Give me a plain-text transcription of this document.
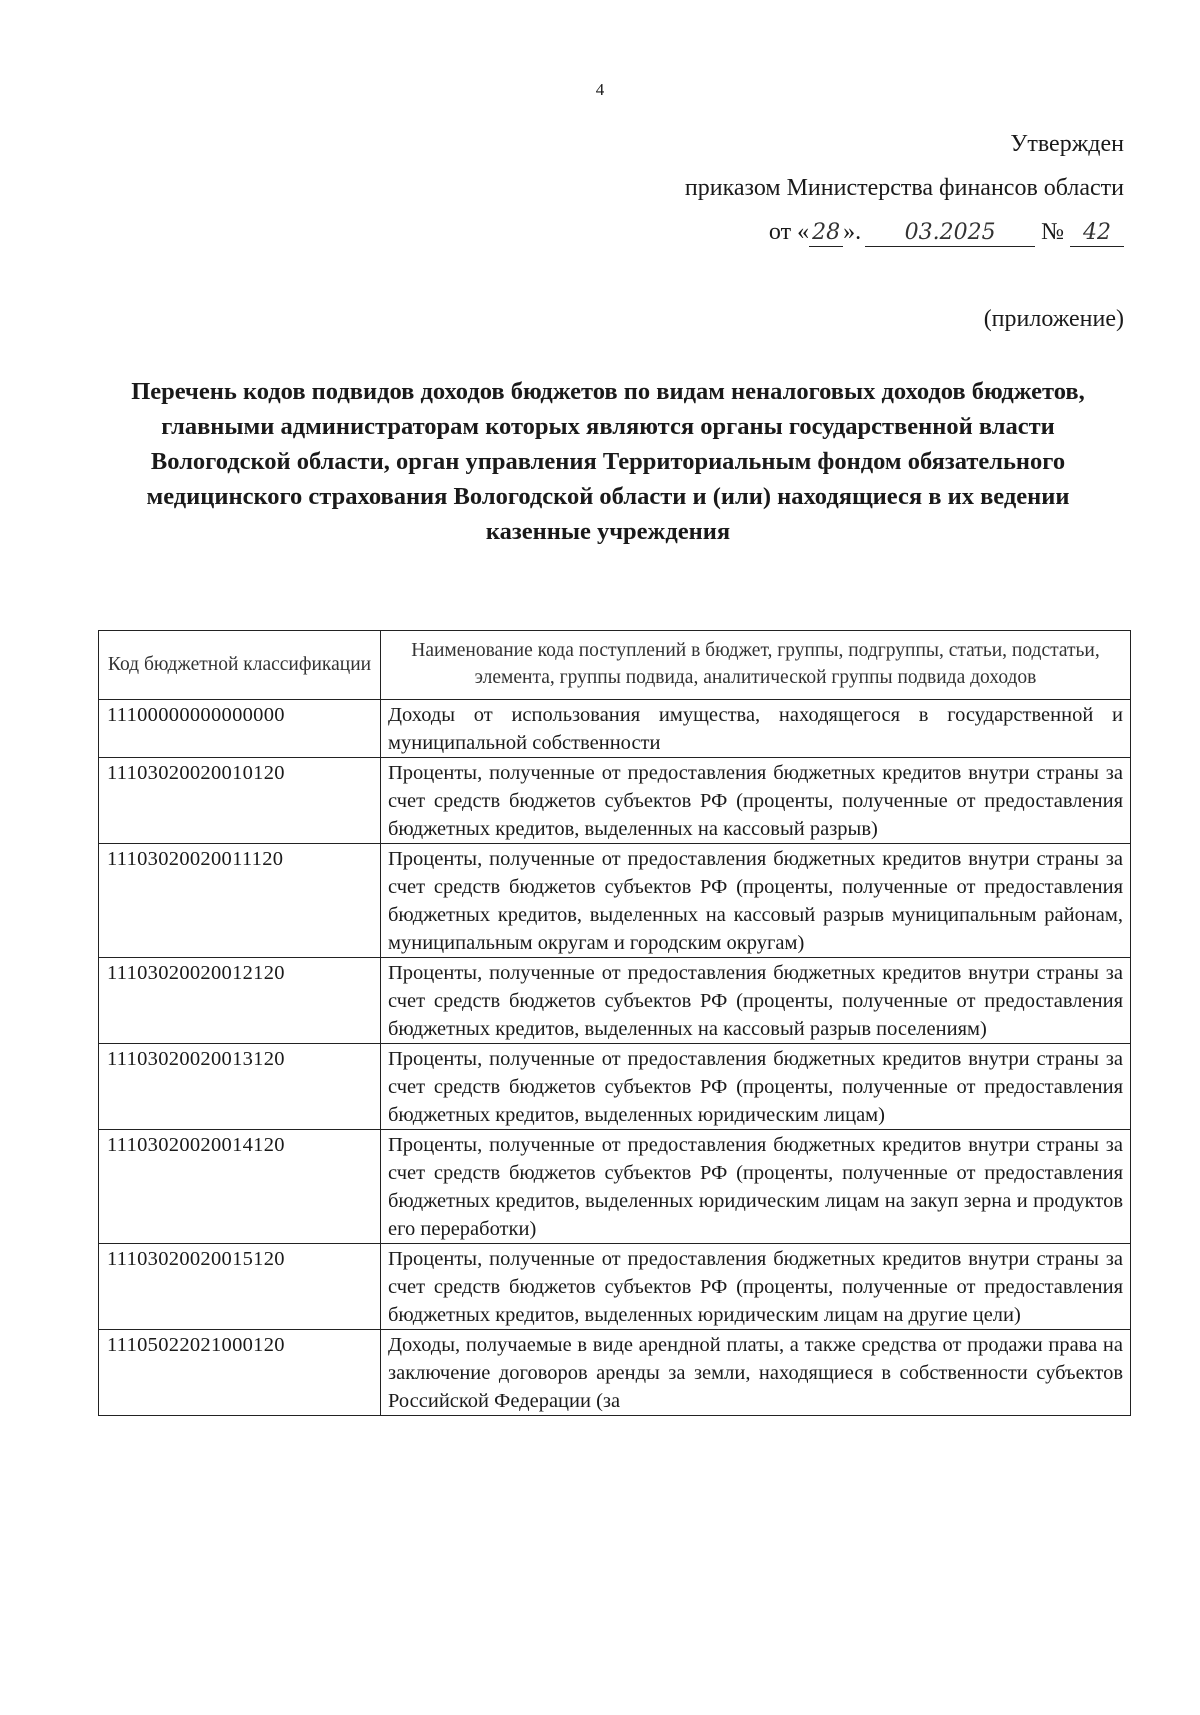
4
Утвержден
приказом Министерства финансов области
от « 28 ». 03.2025 № 42
(приложение)
Перечень кодов подвидов доходов бюджетов по видам неналоговых доходов бюджетов, главными администраторам которых являются органы государственной власти Вологодской области, орган управления Территориальным фондом обязательного медицинского страхования Вологодской области и (или) находящиеся в их ведении казенные учреждения
Код бюджетной классификации	Наименование кода поступлений в бюджет, группы, подгруппы, статьи, подстатьи, элемента, группы подвида, аналитической группы подвида доходов
11100000000000000	Доходы от использования имущества, находящегося в государственной и муниципальной собственности
11103020020010120	Проценты, полученные от предоставления бюджетных кредитов внутри страны за счет средств бюджетов субъектов РФ (проценты, полученные от предоставления бюджетных кредитов, выделенных на кассовый разрыв)
11103020020011120	Проценты, полученные от предоставления бюджетных кредитов внутри страны за счет средств бюджетов субъектов РФ (проценты, полученные от предоставления бюджетных кредитов, выделенных на кассовый разрыв муниципальным районам, муниципальным округам и городским округам)
11103020020012120	Проценты, полученные от предоставления бюджетных кредитов внутри страны за счет средств бюджетов субъектов РФ (проценты, полученные от предоставления бюджетных кредитов, выделенных на кассовый разрыв поселениям)
11103020020013120	Проценты, полученные от предоставления бюджетных кредитов внутри страны за счет средств бюджетов субъектов РФ (проценты, полученные от предоставления бюджетных кредитов, выделенных юридическим лицам)
11103020020014120	Проценты, полученные от предоставления бюджетных кредитов внутри страны за счет средств бюджетов субъектов РФ (проценты, полученные от предоставления бюджетных кредитов, выделенных юридическим лицам на закуп зерна и продуктов его переработки)
11103020020015120	Проценты, полученные от предоставления бюджетных кредитов внутри страны за счет средств бюджетов субъектов РФ (проценты, полученные от предоставления бюджетных кредитов, выделенных юридическим лицам на другие цели)
11105022021000120	Доходы, получаемые в виде арендной платы, а также средства от продажи права на заключение договоров аренды за земли, находящиеся в собственности субъектов Российской Федерации (за
